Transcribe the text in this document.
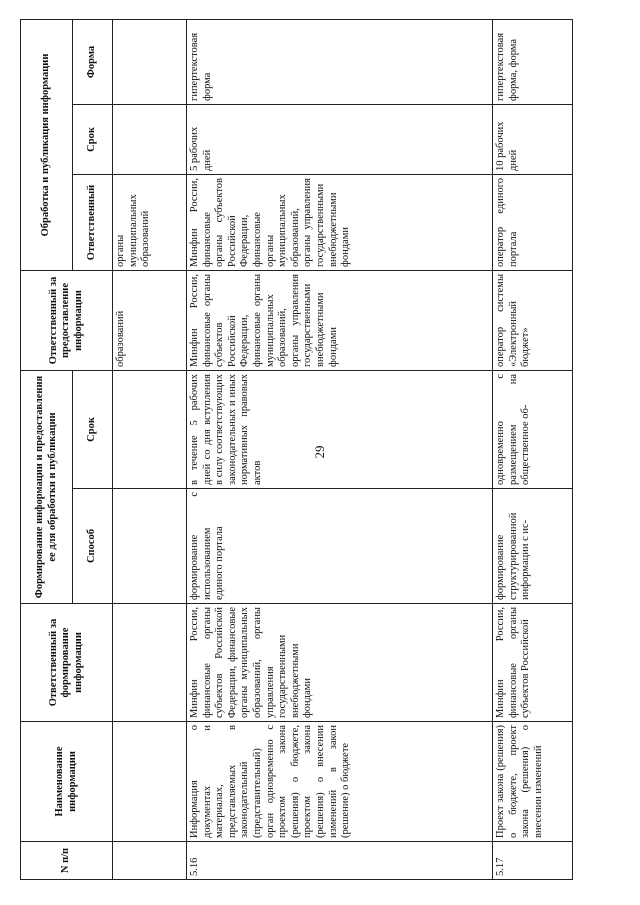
29
N п/п	Наименование информации	Ответственный за формирование информации	Формирование информации и предоставления ее для обработки и публикации		Ответственный за предоставление информации	Обработка и публикация информации		
			Способ	Срок		Ответственный	Срок	Форма
					образований	органы муниципальных образований		
5.16	Информация о документах и материалах, представляемых в законодательный (представительный) орган одновременно с проектом закона (решения) о бюджете, проектом закона (решения) о внесении изменений в закон (решение) о бюджете	Минфин России, финансовые органы субъектов Российской Федерации, финансовые органы муниципальных образований, органы управления государственными внебюджетными фондами	формирование с использованием единого портала	в течение 5 рабочих дней со дня вступления в силу соответствующих законодательных и иных нормативных правовых актов	Минфин России, финансовые органы субъектов Российской Федерации, финансовые органы муниципальных образований, органы управления государственными внебюджетными фондами	Минфин России, финансовые органы субъектов Российской Федерации, финансовые органы муниципальных образований, органы управления государственными внебюджетными фондами	5 рабочих дней	гипертекстовая форма
5.17	Проект закона (решения) о бюджете, проект закона (решения) о внесении изменений	Минфин России, финансовые органы субъектов Российской	формирование структурированной информации с ис-	одновременно с размещением на общественное об-	оператор системы «Электронный бюджет»	оператор единого портала	10 рабочих дней	гипертекстовая форма, форма
